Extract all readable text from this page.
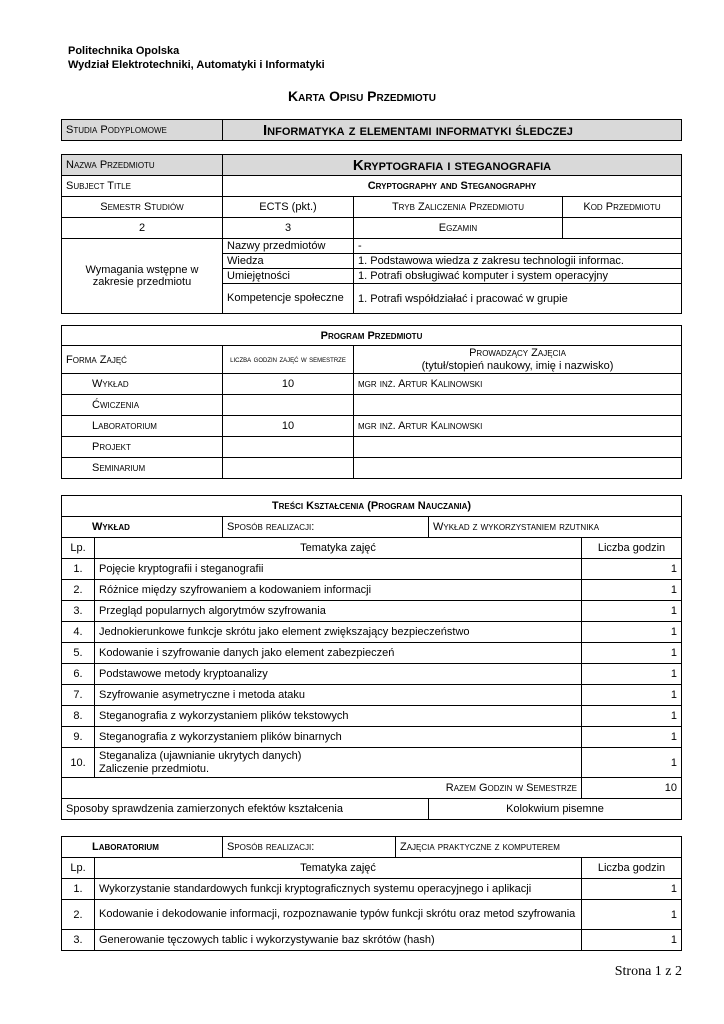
Politechnika Opolska
Wydział Elektrotechniki, Automatyki i Informatyki
Karta Opisu Przedmiotu
Studia Podyplomowe	Informatyka z elementami informatyki śledczej
Nazwa Przedmiotu	Kryptografia i steganografia		
Subject Title	Cryptography and Steganography		
Semestr Studiów	ECTS (pkt.)	Tryb Zaliczenia Przedmiotu	Kod Przedmiotu
2	3	Egzamin	
Wymagania wstępne w zakresie przedmiotu	Nazwy przedmiotów	-	
	Wiedza	1. Podstawowa wiedza z zakresu technologii informac.	
	Umiejętności	1. Potrafi obsługiwać komputer i system operacyjny	
	Kompetencje społeczne	1. Potrafi współdziałać i pracować w grupie	
Program Przedmiotu		
Forma Zajęć	liczba godzin zajęć w semestrze	Prowadzący Zajęcia
(tytuł/stopień naukowy, imię i nazwisko)

Wykład	10	mgr inż. Artur Kalinowski
Ćwiczenia		
Laboratorium	10	mgr inż. Artur Kalinowski
Projekt		
Seminarium		
Treści Kształcenia (Program Nauczania)				
Wykład		Sposób realizacji:	Wykład z wykorzystaniem rzutnika	
Lp.	Tematyka zajęć			Liczba godzin
1.	Pojęcie kryptografii i steganografii			1
2.	Różnice między szyfrowaniem a kodowaniem informacji			1
3.	Przegląd popularnych algorytmów szyfrowania			1
4.	Jednokierunkowe funkcje skrótu jako element zwiększający bezpieczeństwo			1
5.	Kodowanie i szyfrowanie danych jako element zabezpieczeń			1
6.	Podstawowe metody kryptoanalizy			1
7.	Szyfrowanie asymetryczne i metoda ataku			1
8.	Steganografia z wykorzystaniem plików tekstowych			1
9.	Steganografia z wykorzystaniem plików binarnych			1
10.	Steganaliza (ujawnianie ukrytych danych)
Zaliczenie przedmiotu.			1
Razem Godzin w Semestrze				10
Sposoby sprawdzenia zamierzonych efektów kształcenia			Kolokwium pisemne	
Laboratorium		Sposób realizacji:	Zajęcia praktyczne z komputerem	
Lp.	Tematyka zajęć			Liczba godzin
1.	Wykorzystanie standardowych funkcji kryptograficznych systemu operacyjnego i aplikacji			1
2.	Kodowanie i dekodowanie informacji, rozpoznawanie typów funkcji skrótu oraz metod szyfrowania			1
3.	Generowanie tęczowych tablic i wykorzystywanie baz skrótów (hash)			1
Strona 1 z 2
